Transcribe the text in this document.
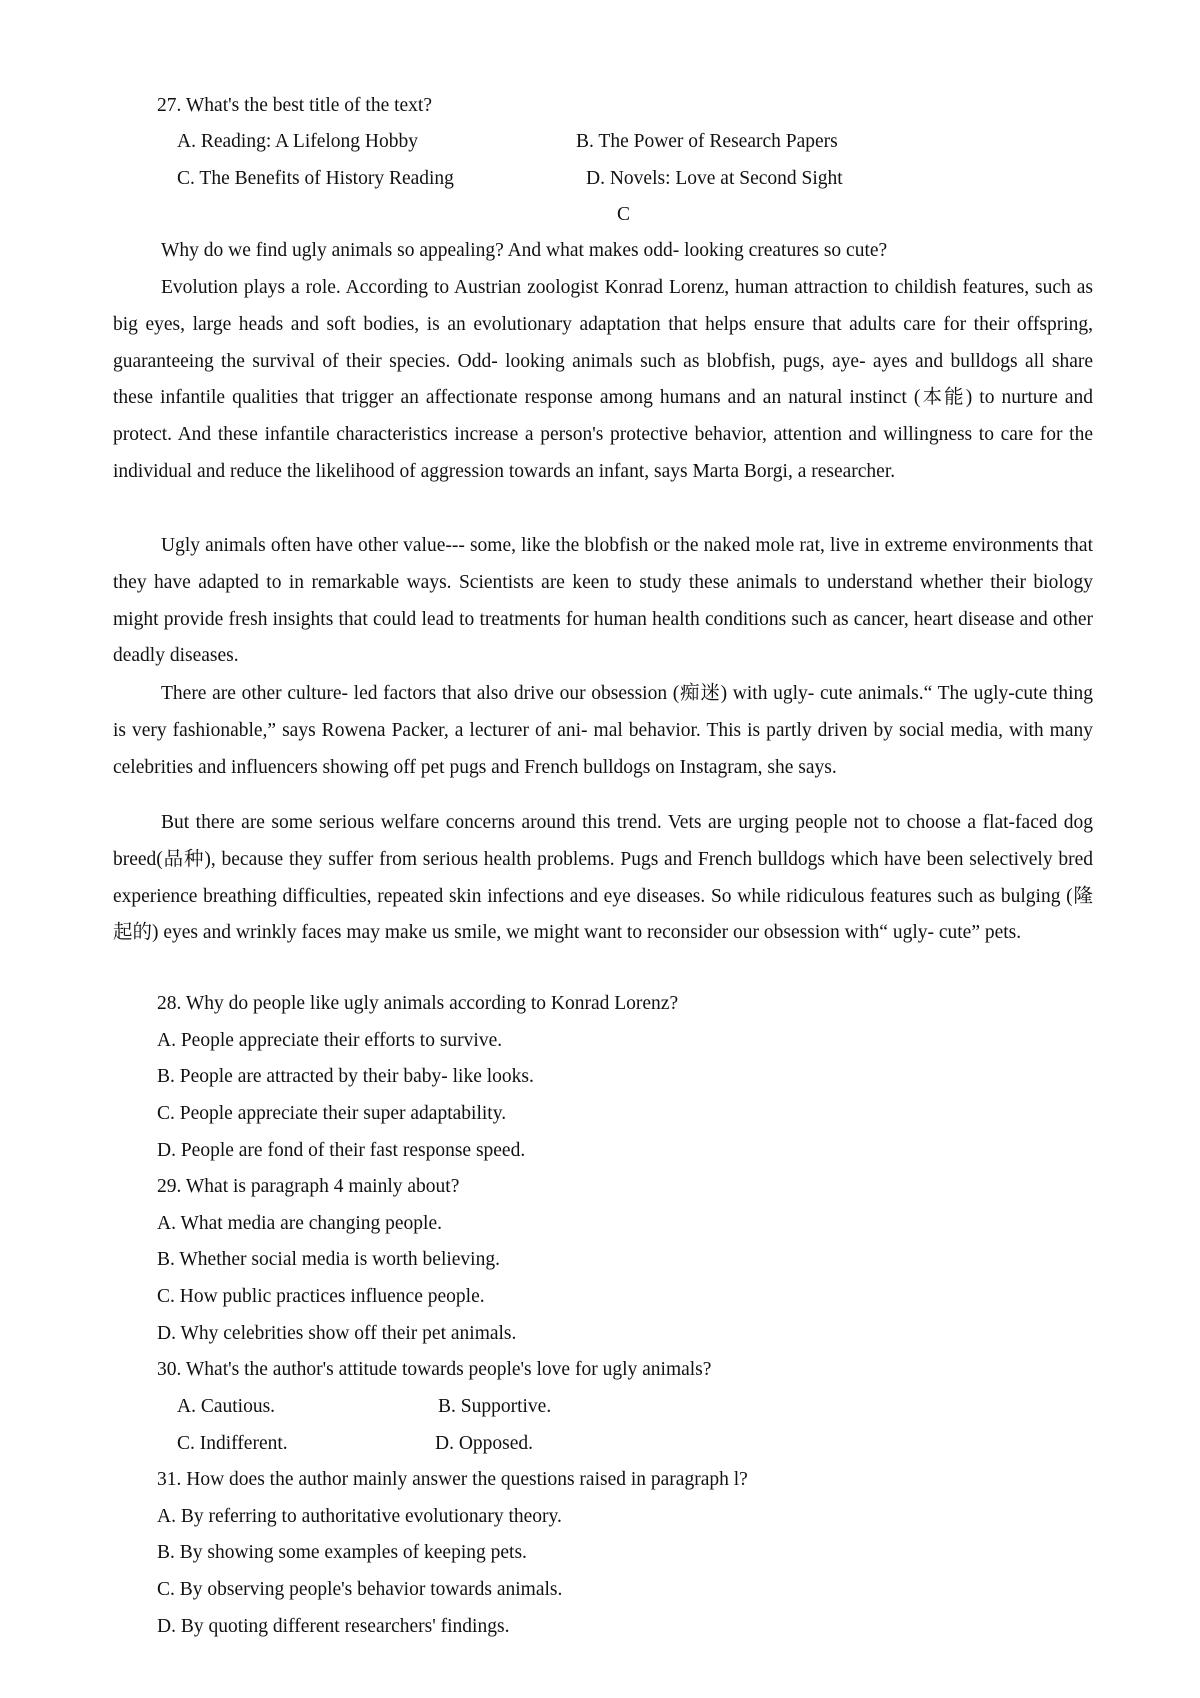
27. What's the best title of the text?
A. Reading: A Lifelong Hobby	B. The Power of Research Papers
C. The Benefits of History Reading	D. Novels: Love at Second Sight
C
Why do we find ugly animals so appealing? And what makes odd- looking creatures so cute?
Evolution plays a role. According to Austrian zoologist Konrad Lorenz, human attraction to childish features, such as big eyes, large heads and soft bodies, is an evolutionary adaptation that helps ensure that adults care for their offspring, guaranteeing the survival of their species. Odd- looking animals such as blobfish, pugs, aye- ayes and bulldogs all share these infantile qualities that trigger an affectionate response among humans and an natural instinct (本能) to nurture and protect. And these infantile characteristics increase a person's protective behavior, attention and willingness to care for the individual and reduce the likelihood of aggression towards an infant, says Marta Borgi, a researcher.
Ugly animals often have other value--- some, like the blobfish or the naked mole rat, live in extreme environments that they have adapted to in remarkable ways. Scientists are keen to study these animals to understand whether their biology might provide fresh insights that could lead to treatments for human health conditions such as cancer, heart disease and other deadly diseases.
There are other culture- led factors that also drive our obsession (痴迷) with ugly- cute animals.“ The ugly-cute thing is very fashionable,” says Rowena Packer, a lecturer of ani- mal behavior. This is partly driven by social media, with many celebrities and influencers showing off pet pugs and French bulldogs on Instagram, she says.
But there are some serious welfare concerns around this trend. Vets are urging people not to choose a flat-faced dog breed(品种), because they suffer from serious health problems. Pugs and French bulldogs which have been selectively bred experience breathing difficulties, repeated skin infections and eye diseases. So while ridiculous features such as bulging (隆起的) eyes and wrinkly faces may make us smile, we might want to reconsider our obsession with“ ugly- cute” pets.
28. Why do people like ugly animals according to Konrad Lorenz?
A. People appreciate their efforts to survive.
B. People are attracted by their baby- like looks.
C. People appreciate their super adaptability.
D. People are fond of their fast response speed.
29. What is paragraph 4 mainly about?
A. What media are changing people.
B. Whether social media is worth believing.
C. How public practices influence people.
D. Why celebrities show off their pet animals.
30. What's the author's attitude towards people's love for ugly animals?
A. Cautious.	B. Supportive.
C. Indifferent.	D. Opposed.
31. How does the author mainly answer the questions raised in paragraph l?
A. By referring to authoritative evolutionary theory.
B. By showing some examples of keeping pets.
C. By observing people's behavior towards animals.
D. By quoting different researchers' findings.
